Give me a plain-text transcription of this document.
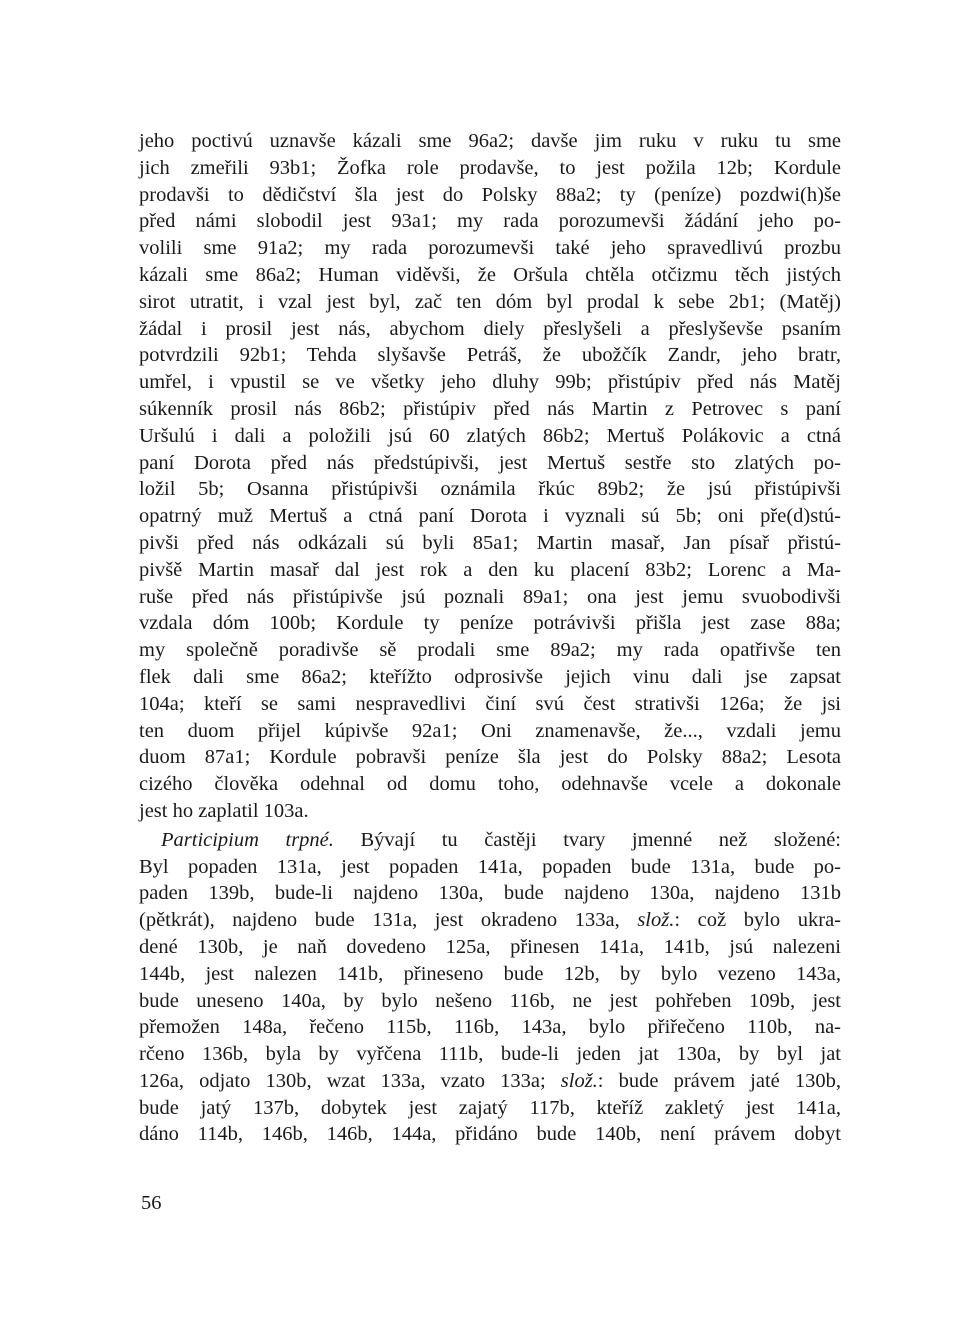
jeho poctivú uznavše kázali sme 96a2; davše jim ruku v ruku tu sme
jich zmeřili 93b1; Žofka role prodavše, to jest požila 12b; Kordule
prodavši to dědičství šla jest do Polsky 88a2; ty (peníze) pozdwi(h)še
před námi slobodil jest 93a1; my rada porozumevši žádání jeho po-
volili sme 91a2; my rada porozumevši také jeho spravedlivú prozbu
kázali sme 86a2; Human viděvši, že Oršula chtěla otčizmu těch jistých
sirot utratit, i vzal jest byl, zač ten dóm byl prodal k sebe 2b1; (Matěj)
žádal i prosil jest nás, abychom diely přeslyšeli a přeslyševše psaním
potvrdzili 92b1; Tehda slyšavše Petráš, že ubožčík Zandr, jeho bratr,
umřel, i vpustil se ve všetky jeho dluhy 99b; přistúpiv před nás Matěj
súkenník prosil nás 86b2; přistúpiv před nás Martin z Petrovec s paní
Uršulú i dali a položili jsú 60 zlatých 86b2; Mertuš Polákovic a ctná
paní Dorota před nás předstúpivši, jest Mertuš sestře sto zlatých po-
ložil 5b; Osanna přistúpivši oznámila řkúc 89b2; že jsú přistúpivši
opatrný muž Mertuš a ctná paní Dorota i vyznali sú 5b; oni pře(d)stú-
pivši před nás odkázali sú byli 85a1; Martin masař, Jan písař přistú-
pivšě Martin masař dal jest rok a den ku placení 83b2; Lorenc a Ma-
ruše před nás přistúpivše jsú poznali 89a1; ona jest jemu svuobodivši
vzdala dóm 100b; Kordule ty peníze potrávivši přišla jest zase 88a;
my společně poradivše sě prodali sme 89a2; my rada opatřivše ten
flek dali sme 86a2; kteřížto odprosivše jejich vinu dali jse zapsat
104a; kteří se sami nespravedlivi činí svú čest strativši 126a; že jsi
ten duom přijel kúpivše 92a1; Oni znamenavše, že..., vzdali jemu
duom 87a1; Kordule pobravši peníze šla jest do Polsky 88a2; Lesota
cizého člověka odehnal od domu toho, odehnavše vcele a dokonale
jest ho zaplatil 103a.
Participium trpné. Bývají tu častěji tvary jmenné než složené:
Byl popaden 131a, jest popaden 141a, popaden bude 131a, bude po-
paden 139b, bude-li najdeno 130a, bude najdeno 130a, najdeno 131b
(pětkrát), najdeno bude 131a, jest okradeno 133a, slož.: což bylo ukra-
dené 130b, je naň dovedeno 125a, přinesen 141a, 141b, jsú nalezeni
144b, jest nalezen 141b, přineseno bude 12b, by bylo vezeno 143a,
bude uneseno 140a, by bylo nešeno 116b, ne jest pohřeben 109b, jest
přemožen 148a, řečeno 115b, 116b, 143a, bylo přiřečeno 110b, na-
rčeno 136b, byla by vyřčena 111b, bude-li jeden jat 130a, by byl jat
126a, odjato 130b, wzat 133a, vzato 133a; slož.: bude právem jaté 130b,
bude jatý 137b, dobytek jest zajatý 117b, kteříž zakletý jest 141a,
dáno 114b, 146b, 146b, 144a, přidáno bude 140b, není právem dobyt
56
